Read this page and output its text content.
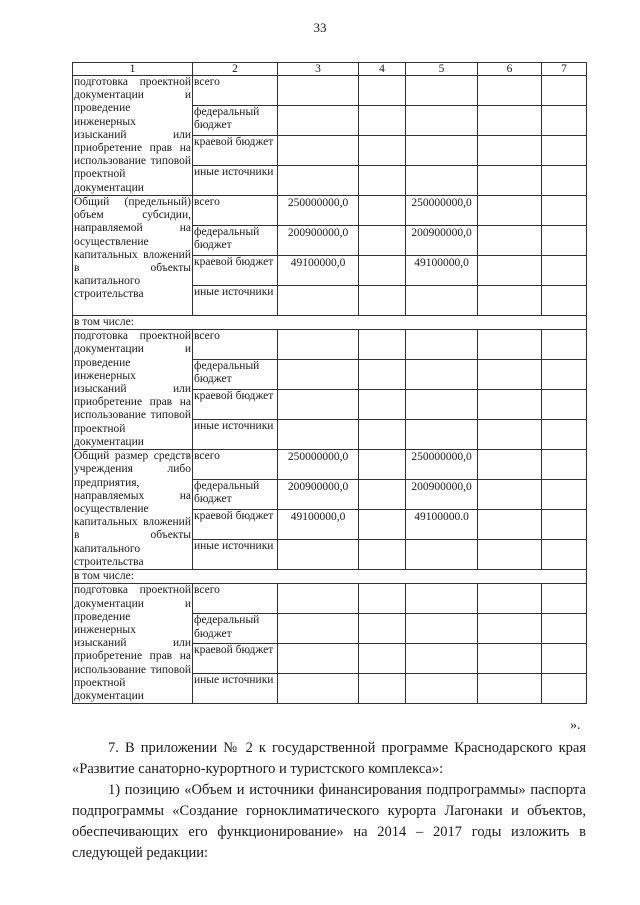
33
1	2	3	4	5	6	7
подготовка проектной документации и проведение инженерных изысканий или приобретение прав на использование типовой проектной документации	всего					
	федеральный бюджет					
	краевой бюджет					
	иные источники					
Общий (предельный) объем субсидии, направляемой на осуществление капитальных вложений в объекты капитального строительства	всего	250000000,0		250000000,0		
	федеральный бюджет	200900000,0		200900000,0		
	краевой бюджет	49100000,0		49100000,0		
	иные источники					
в том числе:						
подготовка проектной документации и проведение инженерных изысканий или приобретение прав на использование типовой проектной документации	всего					
	федеральный бюджет					
	краевой бюджет					
	иные источники					
Общий размер средств учреждения либо предприятия, направляемых на осуществление капитальных вложений в объекты капитального строительства	всего	250000000,0		250000000,0		
	федеральный бюджет	200900000,0		200900000,0		
	краевой бюджет	49100000,0		49100000.0		
	иные источники					
в том числе:						
подготовка проектной документации и проведение инженерных изысканий или приобретение прав на использование типовой проектной документации	всего					
	федеральный бюджет					
	краевой бюджет					
	иные источники					
».
7. В приложении № 2 к государственной программе Краснодарского края «Развитие санаторно-курортного и туристского комплекса»:
1) позицию «Объем и источники финансирования подпрограммы» паспорта подпрограммы «Создание горноклиматического курорта Лагонаки и объектов, обеспечивающих его функционирование» на 2014 – 2017 годы изложить в следующей редакции:
